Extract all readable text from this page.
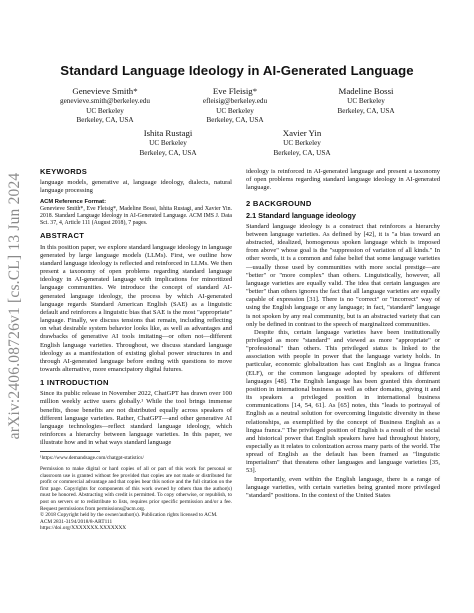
arXiv:2406.08726v1 [cs.CL] 13 Jun 2024
Standard Language Ideology in AI-Generated Language
Genevieve Smith*
genevieve.smith@berkeley.edu
UC Berkeley
Berkeley, CA, USA
Eve Fleisig*
efleisig@berkeley.edu
UC Berkeley
Berkeley, CA, USA
Madeline Bossi
UC Berkeley
Berkeley, CA, USA
Ishita Rustagi
UC Berkeley
Berkeley, CA, USA
Xavier Yin
UC Berkeley
Berkeley, CA, USA
KEYWORDS

language models, generative ai, language ideology, dialects, natural language processing

ACM Reference Format:

Genevieve Smith*, Eve Fleisig*, Madeline Bossi, Ishita Rustagi, and Xavier Yin. 2018. Standard Language Ideology in AI-Generated Language. ACM IMS J. Data Sci. 37, 4, Article 111 (August 2018), 7 pages.

ABSTRACT

In this position paper, we explore standard language ideology in language generated by large language models (LLMs). First, we outline how standard language ideology is reflected and reinforced in LLMs. We then present a taxonomy of open problems regarding standard language ideology in AI-generated language with implications for minoritized language communities. We introduce the concept of standard AI-generated language ideology, the process by which AI-generated language regards Standard American English (SAE) as a linguistic default and reinforces a linguistic bias that SAE is the most "appropriate" language. Finally, we discuss tensions that remain, including reflecting on what desirable system behavior looks like, as well as advantages and drawbacks of generative AI tools imitating—or often not—different English language varieties. Throughout, we discuss standard language ideology as a manifestation of existing global power structures in and through AI-generated language before ending with questions to move towards alternative, more emancipatory digital futures.

1 INTRODUCTION

Since its public release in November 2022, ChatGPT has drawn over 100 million weekly active users globally.¹ While the tool brings immense benefits, those benefits are not distributed equally across speakers of different language varieties. Rather, ChatGPT—and other generative AI language technologies—reflect standard language ideology, which reinforces a hierarchy between language varieties. In this paper, we illustrate how and in what ways standard language

¹https://www.demandsage.com/chatgpt-statistics/

Permission to make digital or hard copies of all or part of this work for personal or classroom use is granted without fee provided that copies are not made or distributed for profit or commercial advantage and that copies bear this notice and the full citation on the first page. Copyrights for components of this work owned by others than the author(s) must be honored. Abstracting with credit is permitted. To copy otherwise, or republish, to post on servers or to redistribute to lists, requires prior specific permission and/or a fee. Request permissions from permissions@acm.org.

© 2018 Copyright held by the owner/author(s). Publication rights licensed to ACM.

ACM 2831-3194/2018/8-ART111

https://doi.org/XXXXXXX.XXXXXXX

ideology is reinforced in AI-generated language and present a taxonomy of open problems regarding standard language ideology in AI-generated language.

2 BACKGROUND
2.1 Standard language ideology

Standard language ideology is a construct that reinforces a hierarchy between language varieties. As defined by [42], it is "a bias toward an abstracted, idealized, homogenous spoken language which is imposed from above" whose goal is the "suppression of variation of all kinds." In other words, it is a common and false belief that some language varieties—usually those used by communities with more social prestige—are "better" or "more complex" than others. Linguistically, however, all language varieties are equally valid. The idea that certain languages are "better" than others ignores the fact that all language varieties are equally capable of expression [31]. There is no "correct" or "incorrect" way of using the English language or any language; in fact, "standard" language is not spoken by any real community, but is an abstracted variety that can only be defined in contrast to the speech of marginalized communities.

Despite this, certain language varieties have been institutionally privileged as more "standard" and viewed as more "appropriate" or "professional" than others. This privileged status is linked to the association with people in power that the language variety holds. In particular, economic globalization has cast English as a lingua franca (ELF), or the common language adopted by speakers of different languages [48]. The English language has been granted this dominant position in international business as well as other domains, giving it and its speakers a privileged position in international business communications [14, 54, 61]. As [65] notes, this "leads to portrayal of English as a neutral solution for overcoming linguistic diversity in these relationships, as exemplified by the concept of Business English as a lingua franca." The privileged position of English is a result of the social and historical power that English speakers have had throughout history, especially as it relates to colonization across many parts of the world. The spread of English as the default has been framed as "linguistic imperialism" that threatens other languages and language varieties [35, 53].

Importantly, even within the English language, there is a range of language varieties, with certain varieties being granted more privileged "standard" positions. In the context of the United States
